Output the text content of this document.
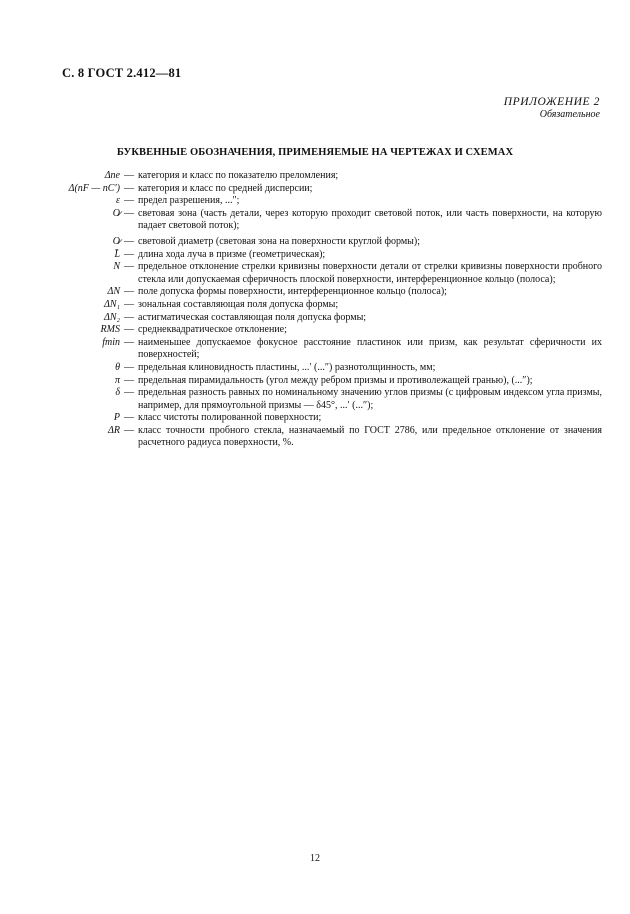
С. 8 ГОСТ 2.412—81
ПРИЛОЖЕНИЕ 2
Обязательное
БУКВЕННЫЕ ОБОЗНАЧЕНИЯ, ПРИМЕНЯЕМЫЕ НА ЧЕРТЕЖАХ И СХЕМАХ
Δnе — категория и класс по показателю преломления;
Δ(nF — nC′) — категория и класс по средней дисперсии;
ε — предел разрешения, ...″;
O̷ — световая зона (часть детали, через которую проходит световой поток, или часть поверхности, на которую падает световой поток);
O̷ — световой диаметр (световая зона на поверхности круглой формы);
L̄ — длина хода луча в призме (геометрическая);
N — предельное отклонение стрелки кривизны поверхности детали от стрелки кривизны поверхности пробного стекла или допускаемая сферичность плоской поверхности, интерференционное кольцо (полоса);
ΔN — поле допуска формы поверхности, интерференционное кольцо (полоса);
ΔN₁ — зональная составляющая поля допуска формы;
ΔN₂ — астигматическая составляющая поля допуска формы;
RMS — среднеквадратическое отклонение;
fmin — наименьшее допускаемое фокусное расстояние пластинок или призм, как результат сферичности их поверхностей;
θ — предельная клиновидность пластины, ...′ (...″) разнотолщинность, мм;
π — предельная пирамидальность (угол между ребром призмы и противолежащей гранью), (...″);
δ — предельная разность равных по номинальному значению углов призмы (с цифровым индексом угла призмы, например, для прямоугольной призмы — δ45°, ...′ (...″);
P — класс чистоты полированной поверхности;
ΔR — класс точности пробного стекла, назначаемый по ГОСТ 2786, или предельное отклонение от значения расчетного радиуса поверхности, %.
12
